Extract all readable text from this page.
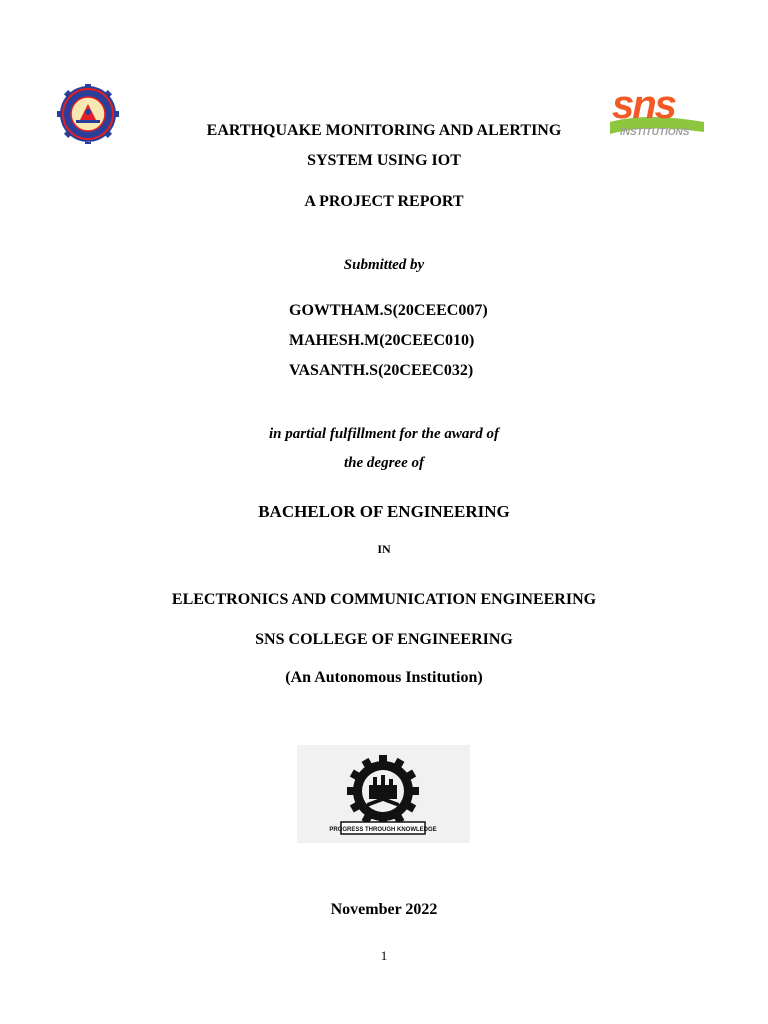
sns-college-of-engineering-seal
sns
INSTITUTIONS
EARTHQUAKE MONITORING AND ALERTING
SYSTEM USING IOT
A PROJECT REPORT
Submitted by
GOWTHAM.S(20CEEC007)
MAHESH.M(20CEEC010)
VASANTH.S(20CEEC032)
in partial fulfillment for the award of
the degree of
BACHELOR OF ENGINEERING
IN
ELECTRONICS AND COMMUNICATION ENGINEERING
SNS COLLEGE OF ENGINEERING
(An Autonomous Institution)
PROGRESS THROUGH KNOWLEDGE
November 2022
1
